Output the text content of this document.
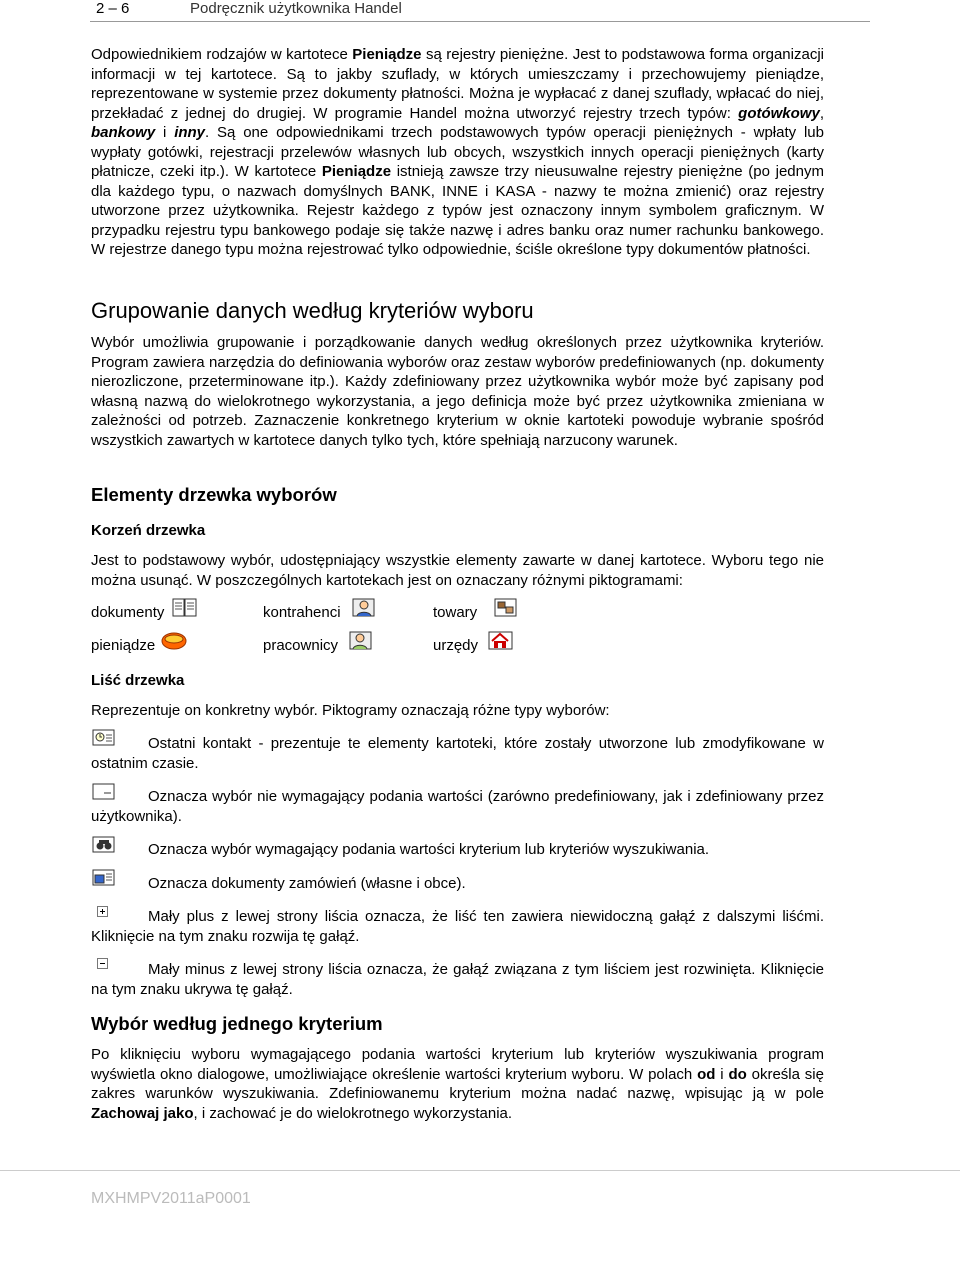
2 – 6	Podręcznik użytkownika Handel

Odpowiednikiem rodzajów w kartotece Pieniądze są rejestry pieniężne. Jest to podstawowa forma organizacji informacji w tej kartotece. Są to jakby szuflady, w których umieszczamy i przechowujemy pieniądze, reprezentowane w systemie przez dokumenty płatności. Można je wypłacać z danej szuflady, wpłacać do niej, przekładać z jednej do drugiej. W programie Handel można utworzyć rejestry trzech typów: gotówkowy, bankowy i inny. Są one odpowiednikami trzech podstawowych typów operacji pieniężnych - wpłaty lub wypłaty gotówki, rejestracji przelewów własnych lub obcych, wszystkich innych operacji pieniężnych (karty płatnicze, czeki itp.). W kartotece Pieniądze istnieją zawsze trzy nieusuwalne rejestry pieniężne (po jednym dla każdego typu, o nazwach domyślnych BANK, INNE i KASA - nazwy te można zmienić) oraz rejestry utworzone przez użytkownika. Rejestr każdego z typów jest oznaczony innym symbolem graficznym. W przypadku rejestru typu bankowego podaje się także nazwę i adres banku oraz numer rachunku bankowego. W rejestrze danego typu można rejestrować tylko odpowiednie, ściśle określone typy dokumentów płatności.

Grupowanie danych według kryteriów wyboru

Wybór umożliwia grupowanie i porządkowanie danych według określonych przez użytkownika kryteriów. Program zawiera narzędzia do definiowania wyborów oraz zestaw wyborów predefiniowanych (np. dokumenty nierozliczone, przeterminowane itp.). Każdy zdefiniowany przez użytkownika wybór może być zapisany pod własną nazwą do wielokrotnego wykorzystania, a jego definicja może być przez użytkownika zmieniana w zależności od potrzeb. Zaznaczenie konkretnego kryterium w oknie kartoteki powoduje wybranie spośród wszystkich zawartych w kartotece danych tylko tych, które spełniają narzucony warunek.

Elementy drzewka wyborów
Korzeń drzewka

Jest to podstawowy wybór, udostępniający wszystkie elementy zawarte w danej kartotece. Wyboru tego nie można usunąć. W poszczególnych kartotekach jest on oznaczany różnymi piktogramami:

dokumenty	kontrahenci	towary
pieniądze	pracownicy	urzędy
Liść drzewka

Reprezentuje on konkretny wybór. Piktogramy oznaczają różne typy wyborów:

Ostatni kontakt - prezentuje te elementy kartoteki, które zostały utworzone lub zmodyfikowane w ostatnim czasie.

Oznacza wybór nie wymagający podania wartości (zarówno predefiniowany, jak i zdefiniowany przez użytkownika).

Oznacza wybór wymagający podania wartości kryterium lub kryteriów wyszukiwania.

Oznacza dokumenty zamówień (własne i obce).

Mały plus z lewej strony liścia oznacza, że liść ten zawiera niewidoczną gałąź z dalszymi liśćmi. Kliknięcie na tym znaku rozwija tę gałąź.

Mały minus z lewej strony liścia oznacza, że gałąź związana z tym liściem jest rozwinięta. Kliknięcie na tym znaku ukrywa tę gałąź.

Wybór według jednego kryterium

Po kliknięciu wyboru wymagającego podania wartości kryterium lub kryteriów wyszukiwania program wyświetla okno dialogowe, umożliwiające określenie wartości kryterium wyboru. W polach od i do określa się zakres warunków wyszukiwania. Zdefiniowanemu kryterium można nadać nazwę, wpisując ją w pole Zachowaj jako, i zachować je do wielokrotnego wykorzystania.

MXHMPV2011aP0001
